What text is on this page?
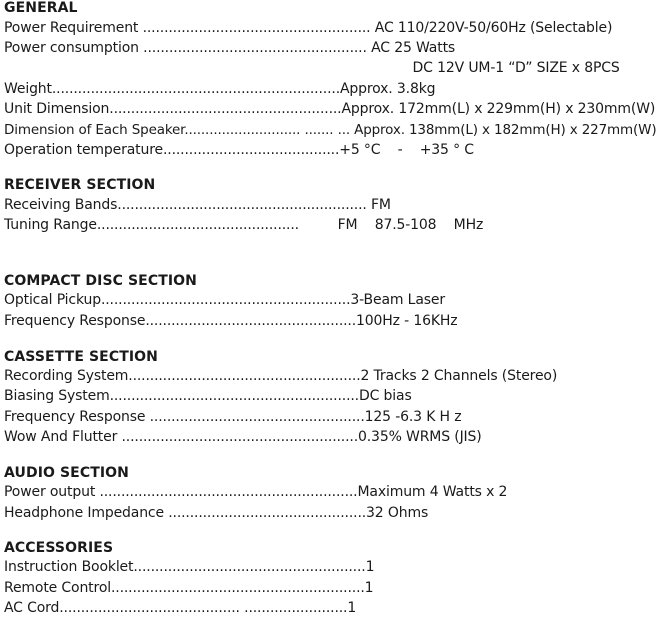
GENERAL
Power Requirement ..................................................... AC 110/220V-50/60Hz (Selectable)
Power consumption .................................................... AC 25 Watts
DC 12V UM-1 “D” SIZE x 8PCS
Weight...................................................................Approx. 3.8kg
Unit Dimension......................................................Approx. 172mm(L) x 229mm(H) x 230mm(W)
Dimension of Each Speaker............................ ....... ... Approx. 138mm(L) x 182mm(H) x 227mm(W)
Operation temperature.........................................+5 °C    -    +35 ° C
RECEIVER SECTION
Receiving Bands.......................................................... FM
Tuning Range...............................................         FM    87.5-108    MHz
COMPACT DISC SECTION
Optical Pickup..........................................................3-Beam Laser
Frequency Response.................................................100Hz - 16KHz
CASSETTE SECTION
Recording System......................................................2 Tracks 2 Channels (Stereo)
Biasing System..........................................................DC bias
Frequency Response ..................................................125 -6.3 K H z
Wow And Flutter .......................................................0.35% WRMS (JIS)
AUDIO SECTION
Power output ............................................................Maximum 4 Watts x 2
Headphone Impedance ..............................................32 Ohms
ACCESSORIES
Instruction Booklet......................................................1
Remote Control...........................................................1
AC Cord.......................................... ........................1
